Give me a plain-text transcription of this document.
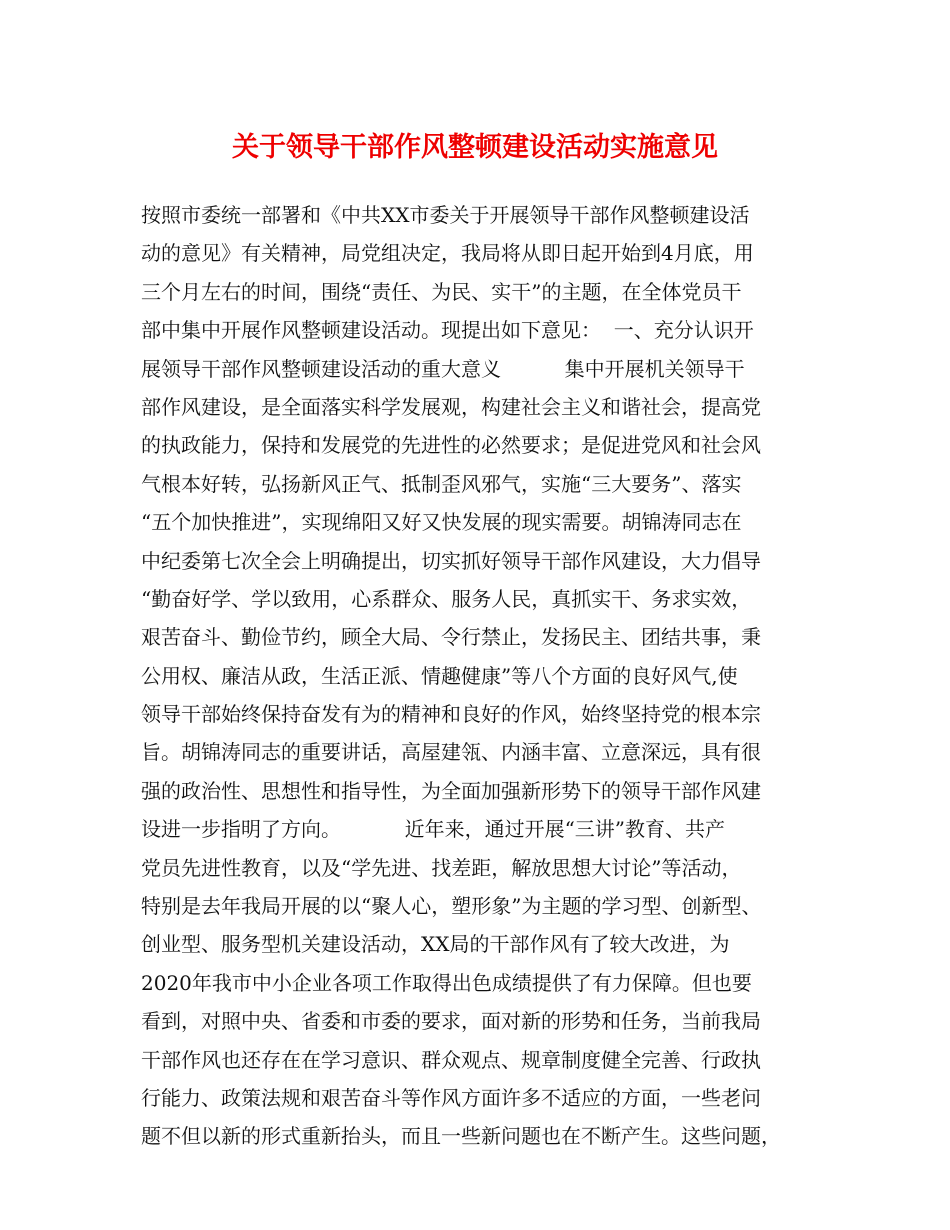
关于领导干部作风整顿建设活动实施意见
按照市委统一部署和《中共XX市委关于开展领导干部作风整顿建设活
动的意见》有关精神，局党组决定，我局将从即日起开始到4月底，用
三个月左右的时间，围绕“责任、为民、实干”的主题，在全体党员干
部中集中开展作风整顿建设活动。现提出如下意见：  一、充分认识开
展领导干部作风整顿建设活动的重大意义          集中开展机关领导干
部作风建设，是全面落实科学发展观，构建社会主义和谐社会，提高党
的执政能力，保持和发展党的先进性的必然要求；是促进党风和社会风
气根本好转，弘扬新风正气、抵制歪风邪气，实施“三大要务”、落实
“五个加快推进”，实现绵阳又好又快发展的现实需要。胡锦涛同志在
中纪委第七次全会上明确提出，切实抓好领导干部作风建设，大力倡导
“勤奋好学、学以致用，心系群众、服务人民，真抓实干、务求实效，
艰苦奋斗、勤俭节约，顾全大局、令行禁止，发扬民主、团结共事，秉
公用权、廉洁从政，生活正派、情趣健康”等八个方面的良好风气,使
领导干部始终保持奋发有为的精神和良好的作风，始终坚持党的根本宗
旨。胡锦涛同志的重要讲话，高屋建瓴、内涵丰富、立意深远，具有很
强的政治性、思想性和指导性，为全面加强新形势下的领导干部作风建
设进一步指明了方向。          近年来，通过开展“三讲”教育、共产
党员先进性教育，以及“学先进、找差距，解放思想大讨论”等活动，
特别是去年我局开展的以“聚人心，塑形象”为主题的学习型、创新型、
创业型、服务型机关建设活动，XX局的干部作风有了较大改进，为
2020年我市中小企业各项工作取得出色成绩提供了有力保障。但也要
看到，对照中央、省委和市委的要求，面对新的形势和任务，当前我局
干部作风也还存在在学习意识、群众观点、规章制度健全完善、行政执
行能力、政策法规和艰苦奋斗等作风方面许多不适应的方面，一些老问
题不但以新的形式重新抬头，而且一些新问题也在不断产生。这些问题，
